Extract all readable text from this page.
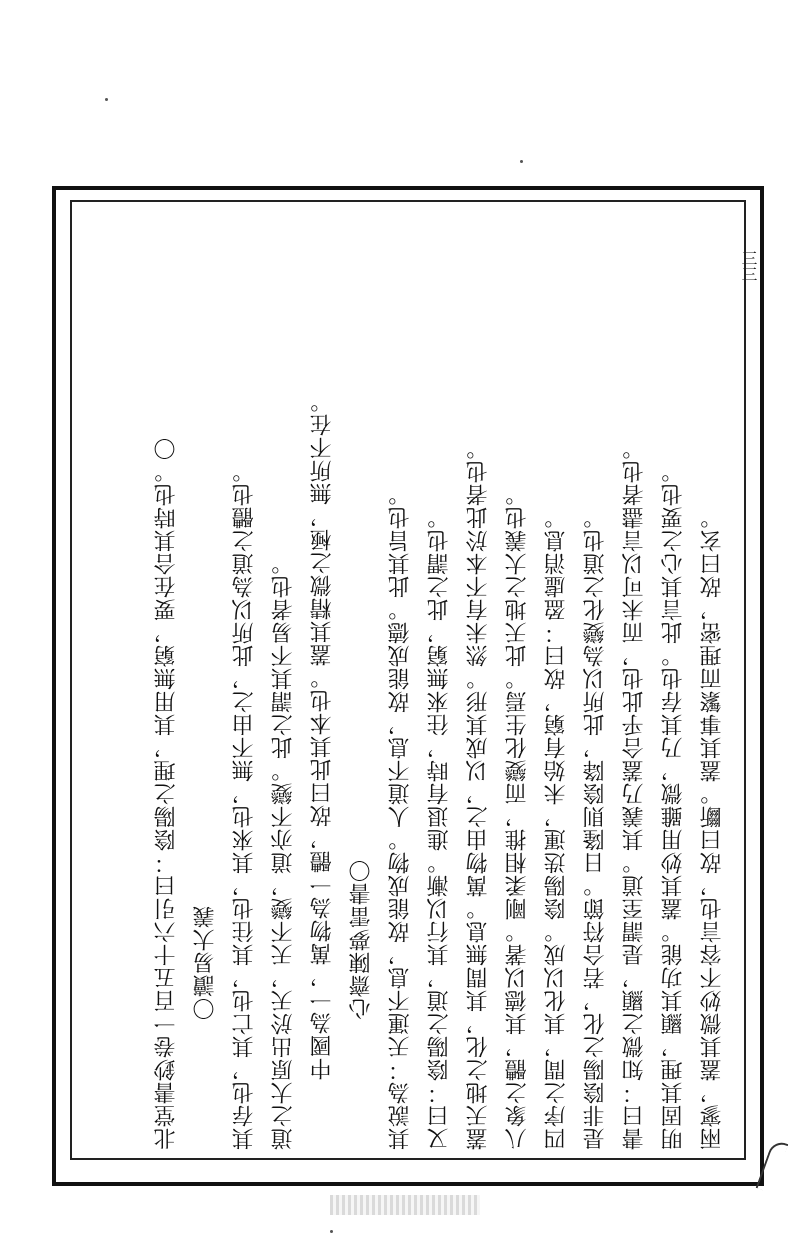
三三
兩寥，蓋其微妙不容言也，故曰斷。蓋其事繁而理密，故曰玄。
明固其理，顯其功能。蓋其妙用雖微，乃其存也。此言其心之要也。
書曰：知微之顯，是謂至道。其義乃蓋合乎此也，而未可以言盡者也。
是非陰陽之化，若合符節。日隆則陰降，此所以為變化之道也。
四序之間，其化以成。陰陽迭運，未始有窮，故曰：盈虛消息。
八象之體，其德以著。剛柔相推，而變化生焉。此天地之大義也。
蓋天地之化，其間無息。萬物由之，以成其形。然未有不本於此者也。
又曰：陰陽之道，其行以漸。進退有時，往來無窮，此之謂也。
其說為：天運不息，故能成物。人道不息，故能成德。此其旨也。
心齋陳夢雷書〇
中國為一，萬物為一體，故曰此其本也。蓋其精微之極，無所不在。
道之大原出於天，天不變，道亦不變。此之謂其不易者也。
其存也，其亡也，其往也，其來也，無不由之，此所以為道之體也。
〇讀易大義
北堂書鈔卷一百五十六引曰：陰陽之理，其用無窮，要在合其時也。〇
